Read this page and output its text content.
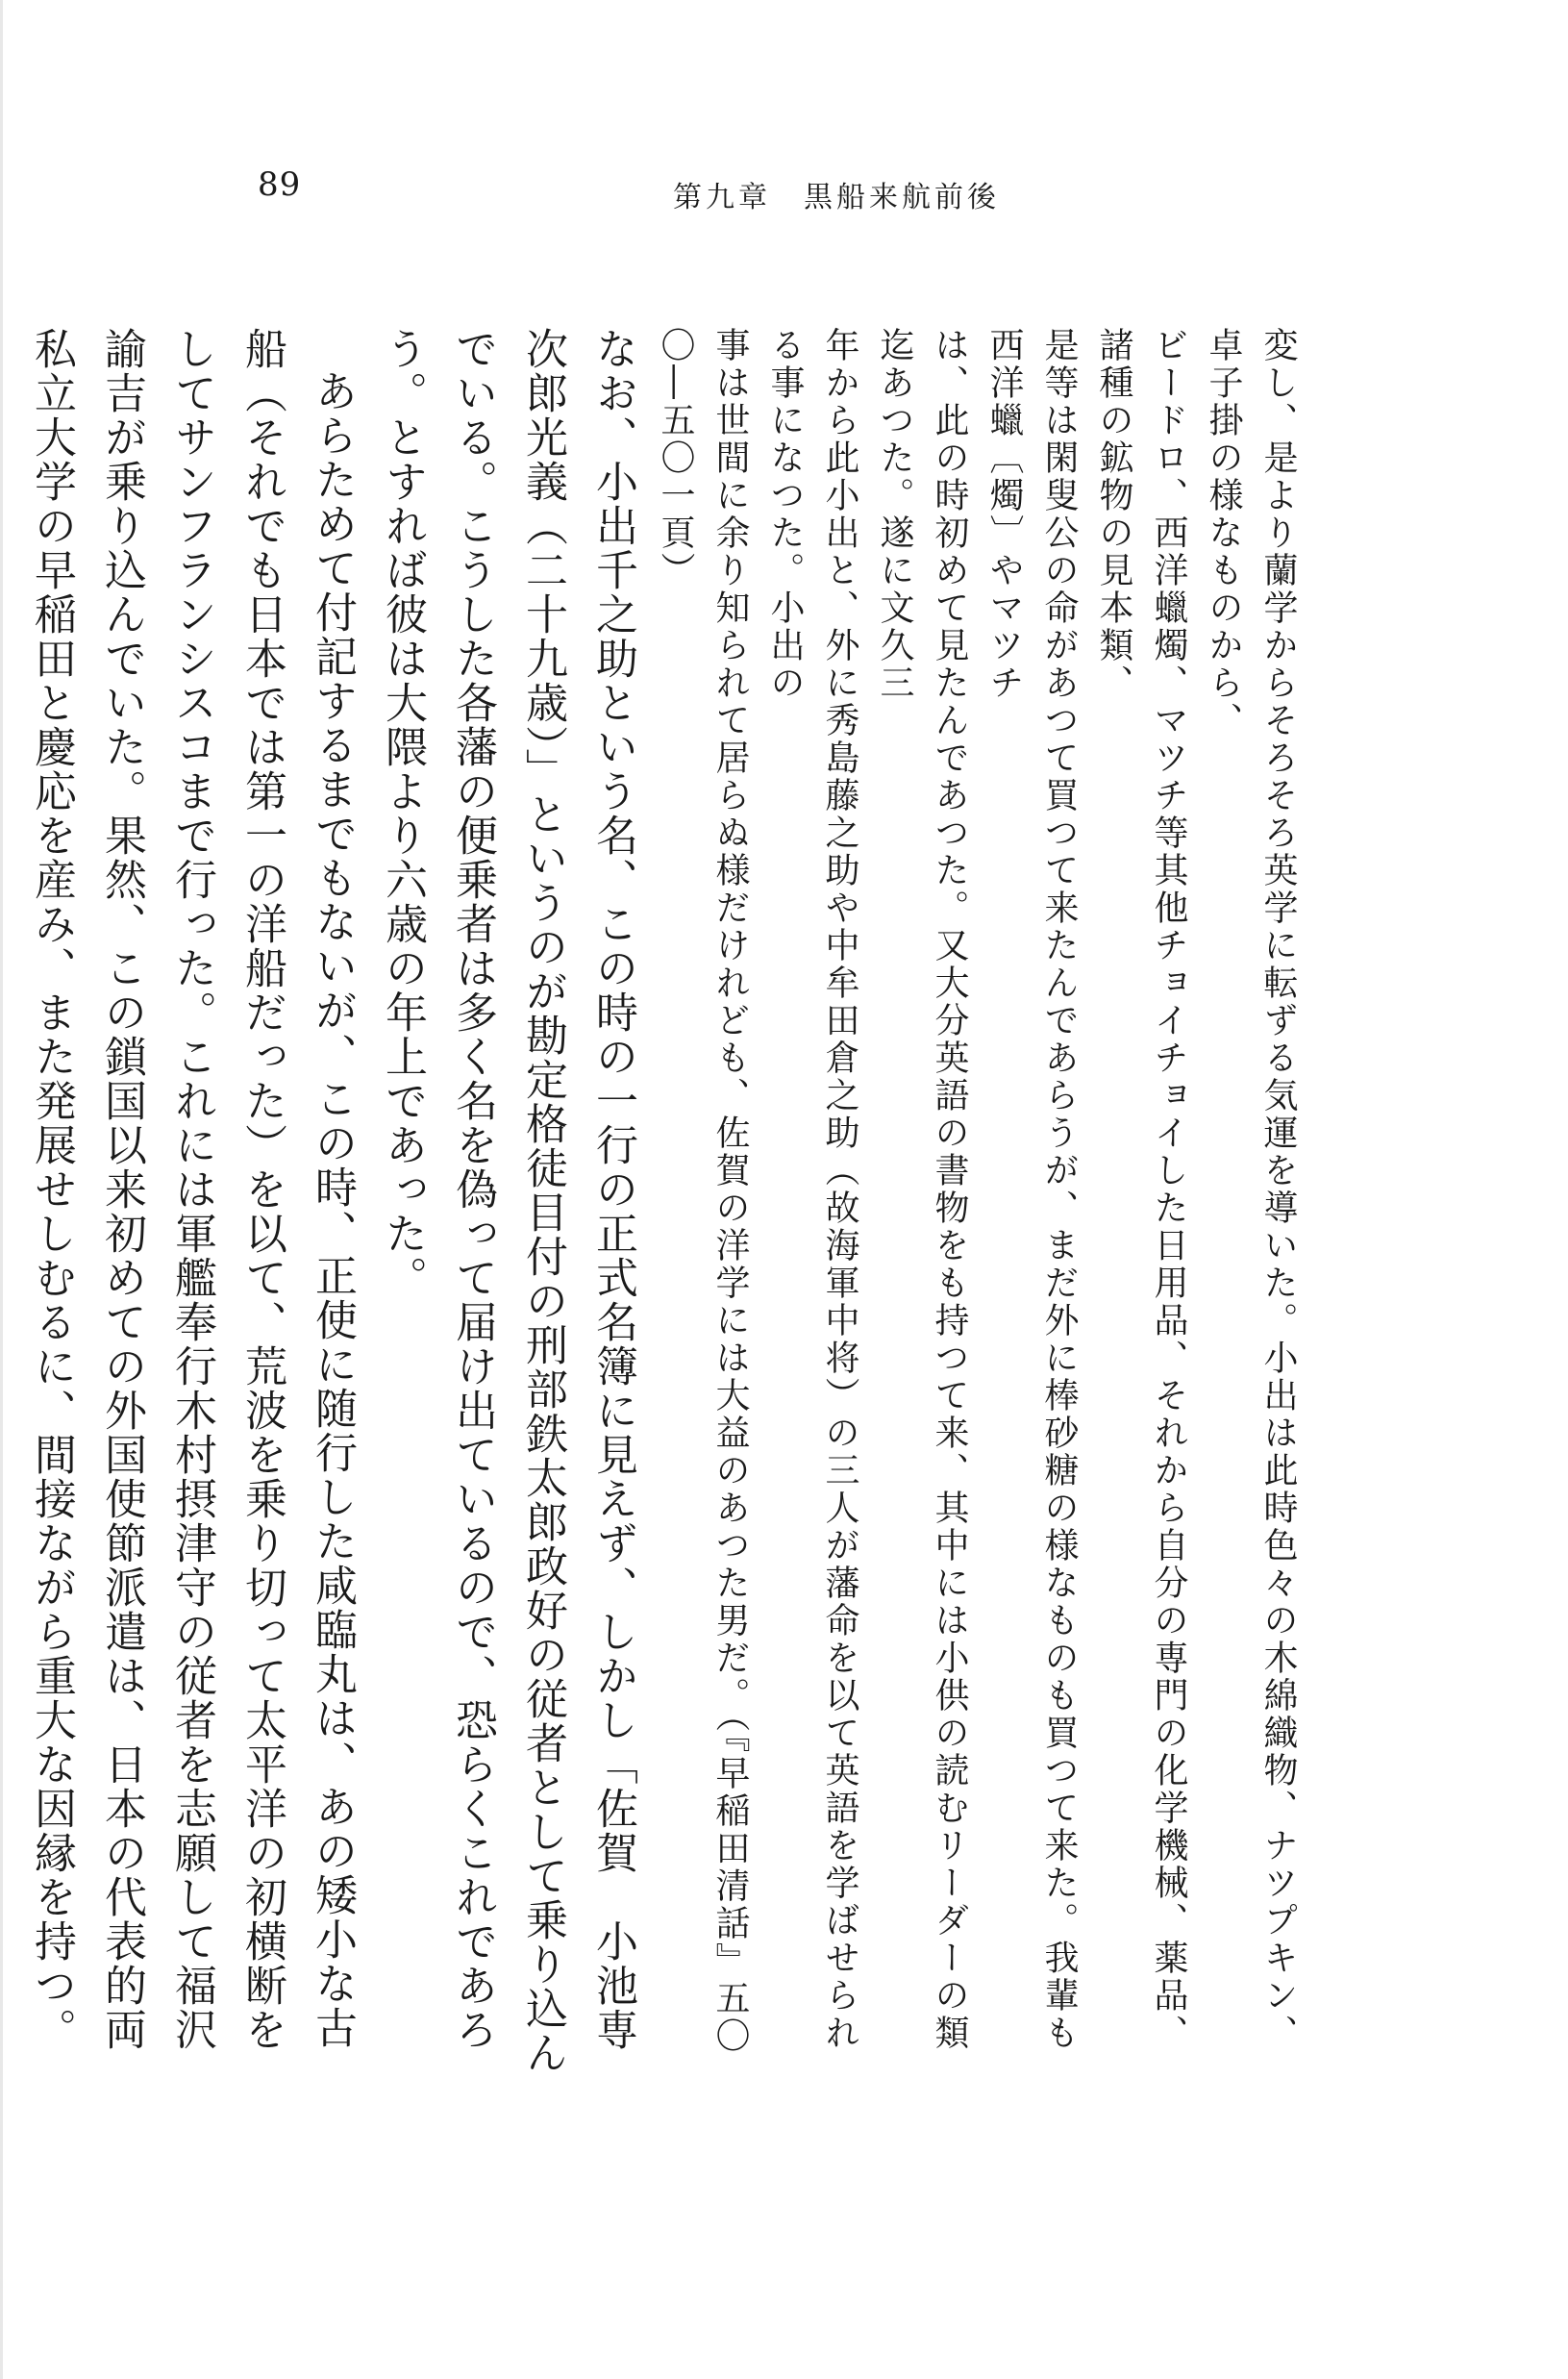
89	第九章　黒船来航前後
変し、是より蘭学からそろそろ英学に転ずる気運を導いた。小出は此時色々の木綿織物、ナツプキン、卓子掛の様なものから、
ビードロ、西洋蠟燭、マツチ等其他チョイチョイした日用品、それから自分の専門の化学機械、薬品、諸種の鉱物の見本類、
是等は閑叟公の命があつて買つて来たんであらうが、まだ外に棒砂糖の様なものも買つて来た。我輩も西洋蠟〔燭〕やマツチ
は、此の時初めて見たんであつた。又大分英語の書物をも持つて来、其中には小供の読むリーダーの類迄あつた。遂に文久三
年から此小出と、外に秀島藤之助や中牟田倉之助（故海軍中将）の三人が藩命を以て英語を学ばせられる事になつた。小出の
事は世間に余り知られて居らぬ様だけれども、佐賀の洋学には大益のあつた男だ。（『早稲田清話』五〇〇―五〇一頁）
なお、小出千之助という名、この時の一行の正式名簿に見えず、しかし「佐賀　小池専次郎光義（二十九歳）」というのが勘定格徒目付の刑部鉄太郎政好の従者として乗り込んでいる。こうした各藩の便乗者は多く名を偽って届け出ているので、恐らくこれであろう。とすれば彼は大隈より六歳の年上であった。
あらためて付記するまでもないが、この時、正使に随行した咸臨丸は、あの矮小な古船（それでも日本では第一の洋船だった）を以て、荒波を乗り切って太平洋の初横断をしてサンフランシスコまで行った。これには軍艦奉行木村摂津守の従者を志願して福沢諭吉が乗り込んでいた。果然、この鎖国以来初めての外国使節派遣は、日本の代表的両私立大学の早稲田と慶応を産み、また発展せしむるに、間接ながら重大な因縁を持つ。
